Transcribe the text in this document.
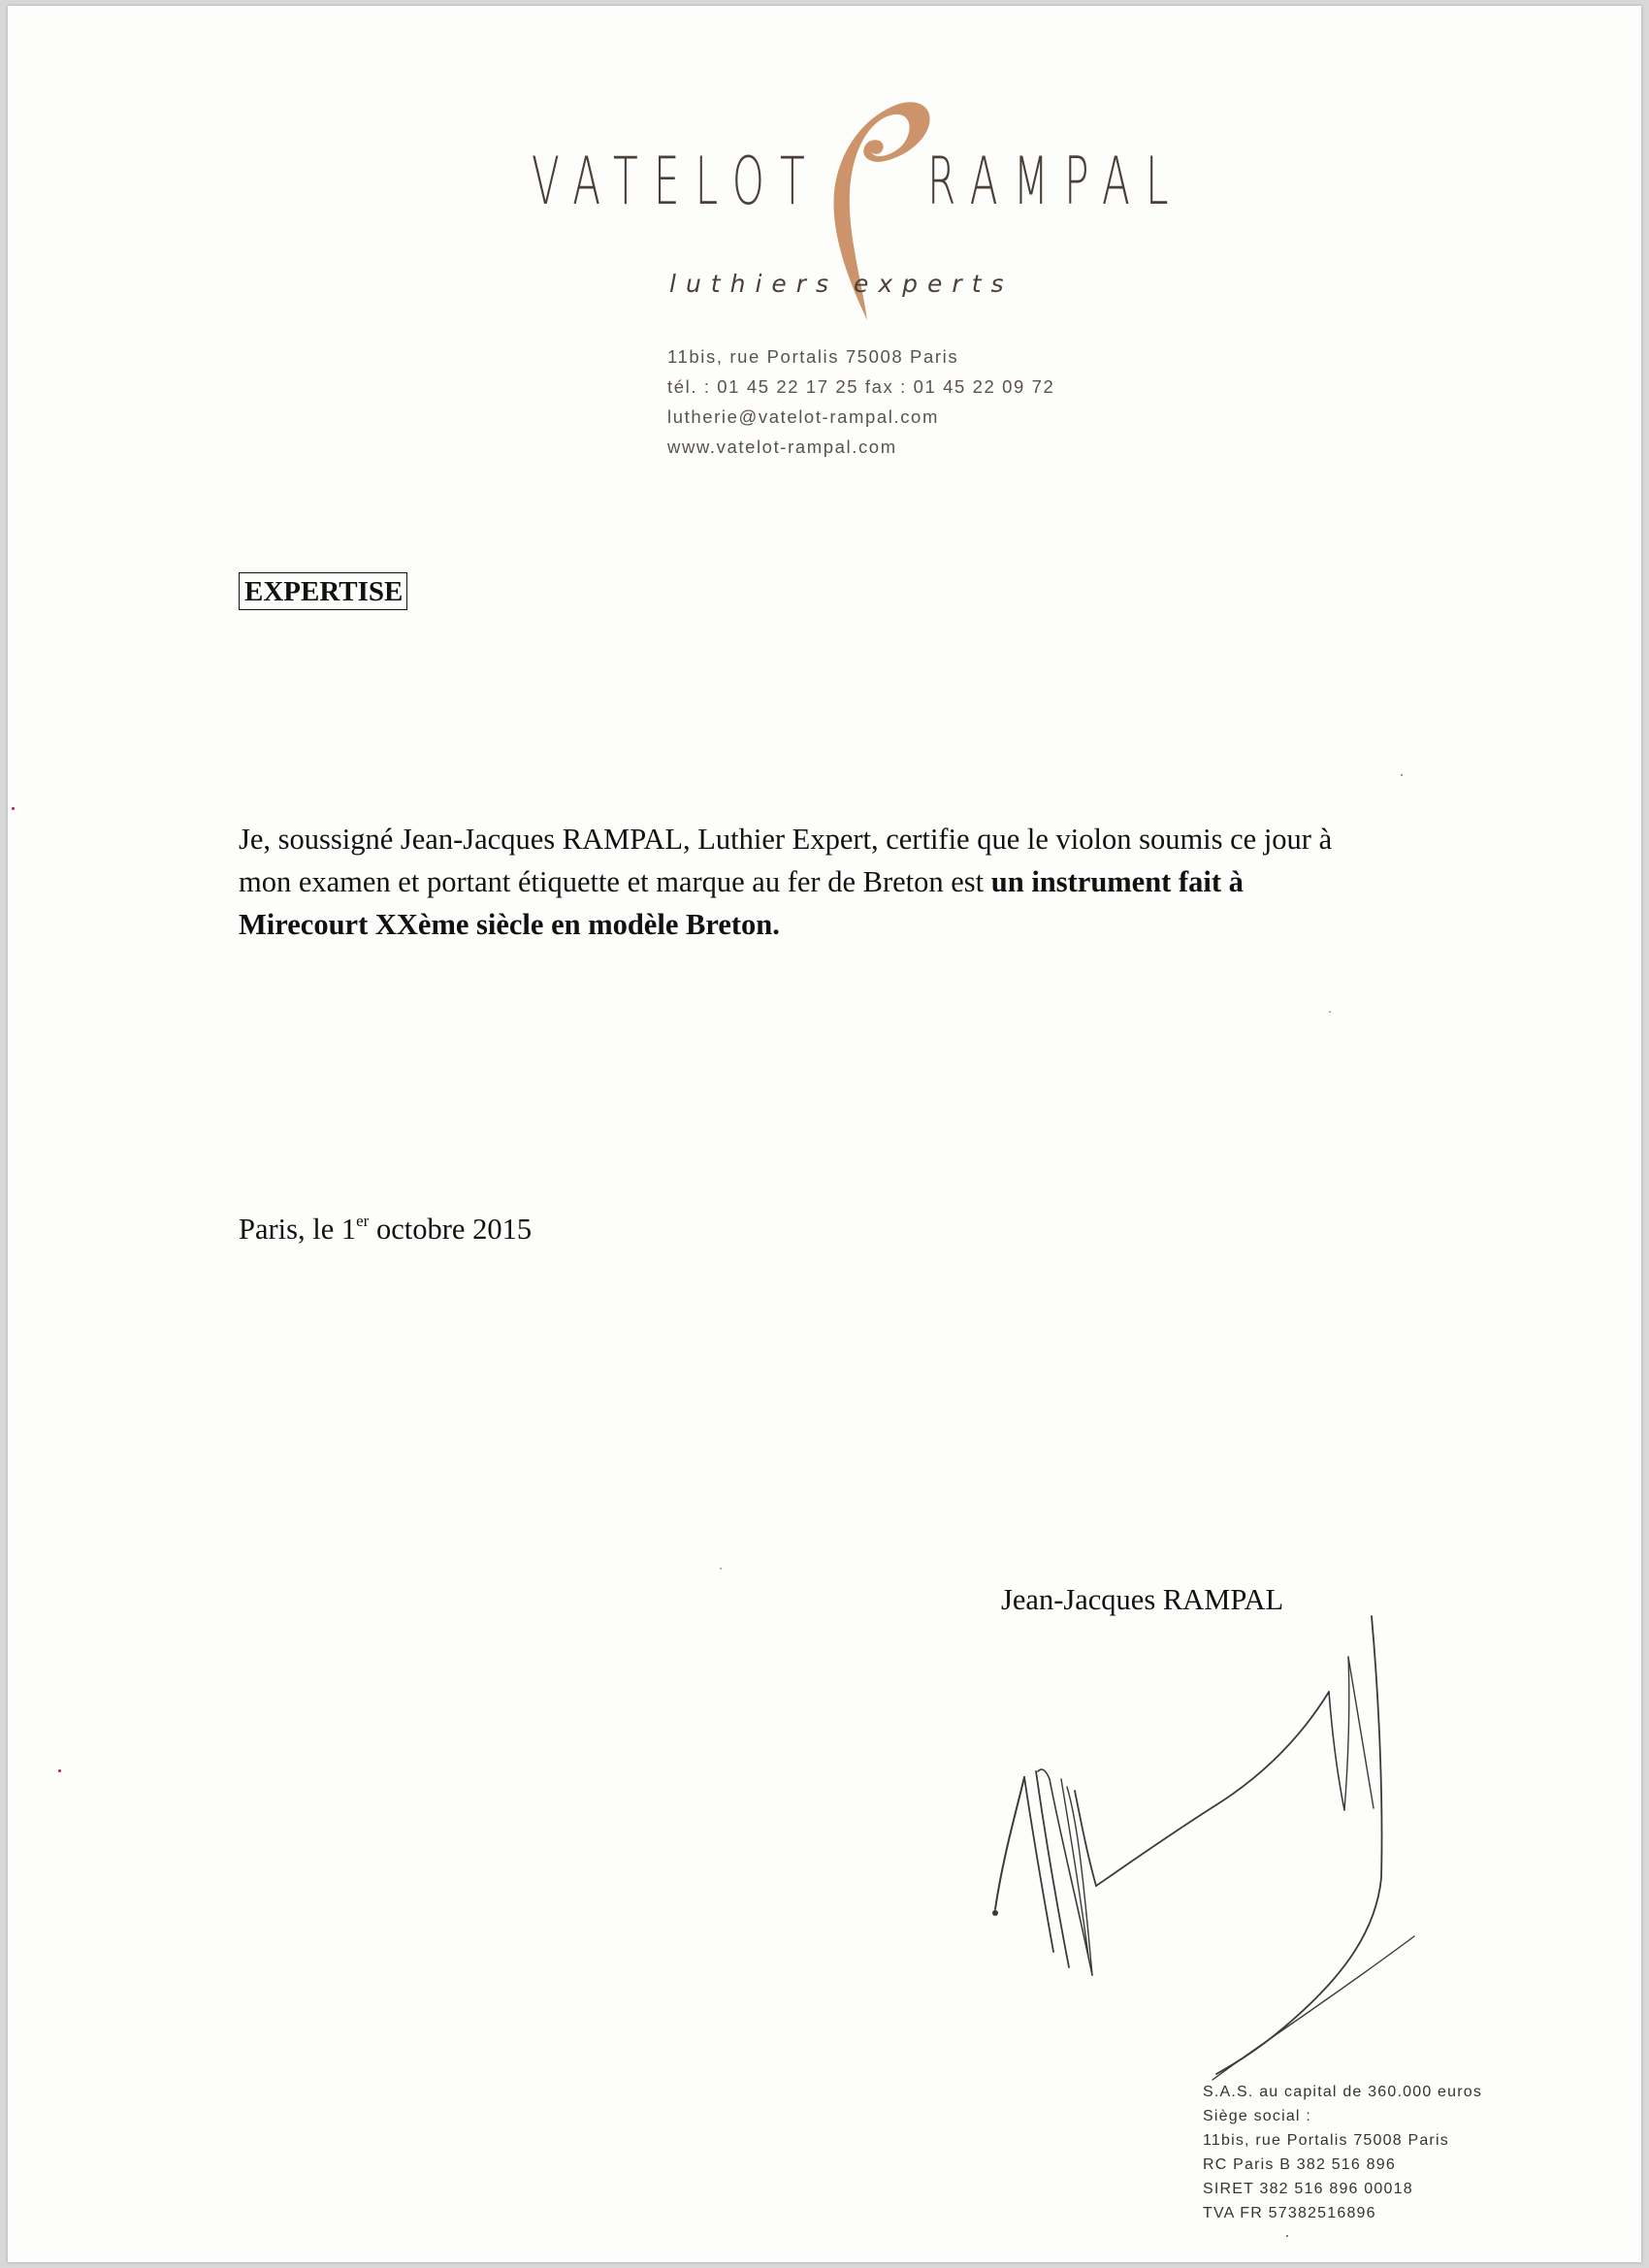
VATELOT RAMPAL
luthiers experts
11bis, rue Portalis 75008 Paris
tél. : 01 45 22 17 25 fax : 01 45 22 09 72
lutherie@vatelot-rampal.com
www.vatelot-rampal.com
EXPERTISE
Je, soussigné Jean-Jacques RAMPAL, Luthier Expert, certifie que le violon soumis ce jour à
mon examen et portant étiquette et marque au fer de Breton est un instrument fait à
Mirecourt XXème siècle en modèle Breton.
Paris, le 1er octobre 2015
Jean-Jacques RAMPAL
S.A.S. au capital de 360.000 euros
Siège social :
11bis, rue Portalis 75008 Paris
RC Paris B 382 516 896
SIRET 382 516 896 00018
TVA FR 57382516896
